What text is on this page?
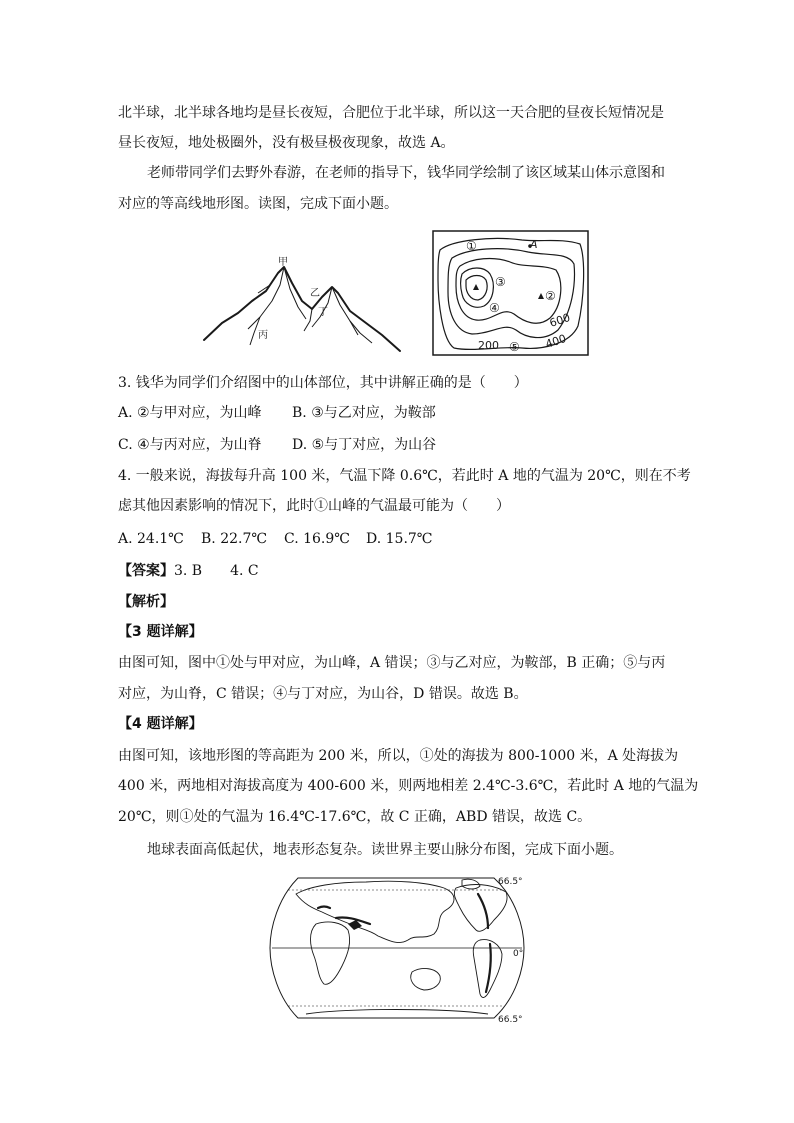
北半球，北半球各地均是昼长夜短，合肥位于北半球，所以这一天合肥的昼夜长短情况是
昼长夜短，地处极圈外，没有极昼极夜现象，故选 A。
老师带同学们去野外春游，在老师的指导下，钱华同学绘制了该区域某山体示意图和
对应的等高线地形图。读图，完成下面小题。
甲
乙
丙
丁
A
①
③
④
②
⑤
200
600
400
3. 钱华为同学们介绍图中的山体部位，其中讲解正确的是（　　）
A. ②与甲对应，为山峰 B. ③与乙对应，为鞍部
C. ④与丙对应，为山脊 D. ⑤与丁对应，为山谷
4. 一般来说，海拔每升高 100 米，气温下降 0.6℃，若此时 A 地的气温为 20℃，则在不考
虑其他因素影响的情况下，此时①山峰的气温最可能为（　　）
A. 24.1℃ B. 22.7℃ C. 16.9℃ D. 15.7℃
【答案】3. B　　4. C
【解析】
【3 题详解】
由图可知，图中①处与甲对应，为山峰，A 错误；③与乙对应，为鞍部，B 正确；⑤与丙
对应，为山脊，C 错误；④与丁对应，为山谷，D 错误。故选 B。
【4 题详解】
由图可知，该地形图的等高距为 200 米，所以，①处的海拔为 800-1000 米，A 处海拔为
400 米，两地相对海拔高度为 400-600 米，则两地相差 2.4℃-3.6℃，若此时 A 地的气温为
20℃，则①处的气温为 16.4℃-17.6℃，故 C 正确，ABD 错误，故选 C。
地球表面高低起伏，地表形态复杂。读世界主要山脉分布图，完成下面小题。
66.5°
0°
66.5°
